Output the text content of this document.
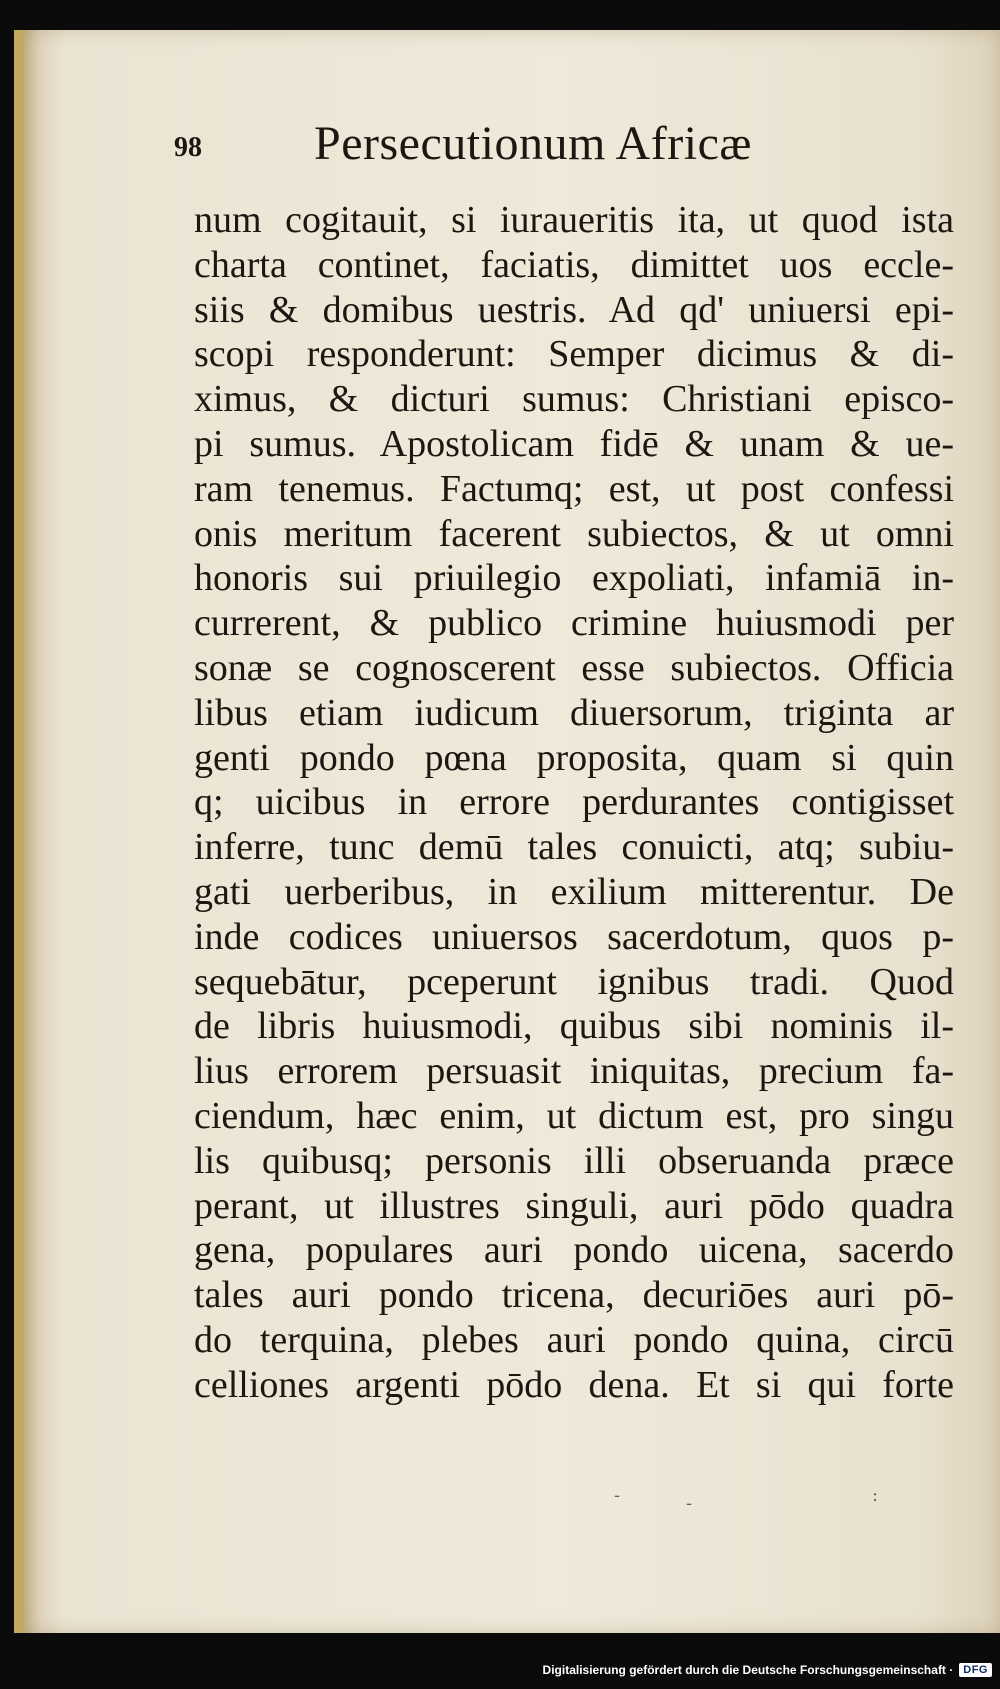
98 Persecutionum Africæ
num cogitauit, si iuraueritis ita, ut quod ista
charta continet, faciatis, dimittet uos eccle-
siis & domibus uestris. Ad qd' uniuersi epi-
scopi responderunt: Semper dicimus & di-
ximus, & dicturi sumus: Christiani episco-
pi sumus. Apostolicam fidē & unam & ue-
ram tenemus. Factumq; est, ut post confessi
onis meritum facerent subiectos, & ut omni
honoris sui priuilegio expoliati, infamiā in-
currerent, & publico crimine huiusmodi per
sonæ se cognoscerent esse subiectos. Officia
libus etiam iudicum diuersorum, triginta ar
genti pondo pœna proposita, quam si quin
q; uicibus in errore perdurantes contigisset
inferre, tunc demū tales conuicti, atq; subiu-
gati uerberibus, in exilium mitterentur. De
inde codices uniuersos sacerdotum, quos p-
sequebātur, pceperunt ignibus tradi. Quod
de libris huiusmodi, quibus sibi nominis il-
lius errorem persuasit iniquitas, precium fa-
ciendum, hæc enim, ut dictum est, pro singu
lis quibusq; personis illi obseruanda præce
perant, ut illustres singuli, auri pōdo quadra
gena, populares auri pondo uicena, sacerdo
tales auri pondo tricena, decuriōes auri pō-
do terquina, plebes auri pondo quina, circū
celliones argenti pōdo dena. Et si qui forte
-	-	:
Digitalisierung gefördert durch die Deutsche Forschungsgemeinschaft · DFG
